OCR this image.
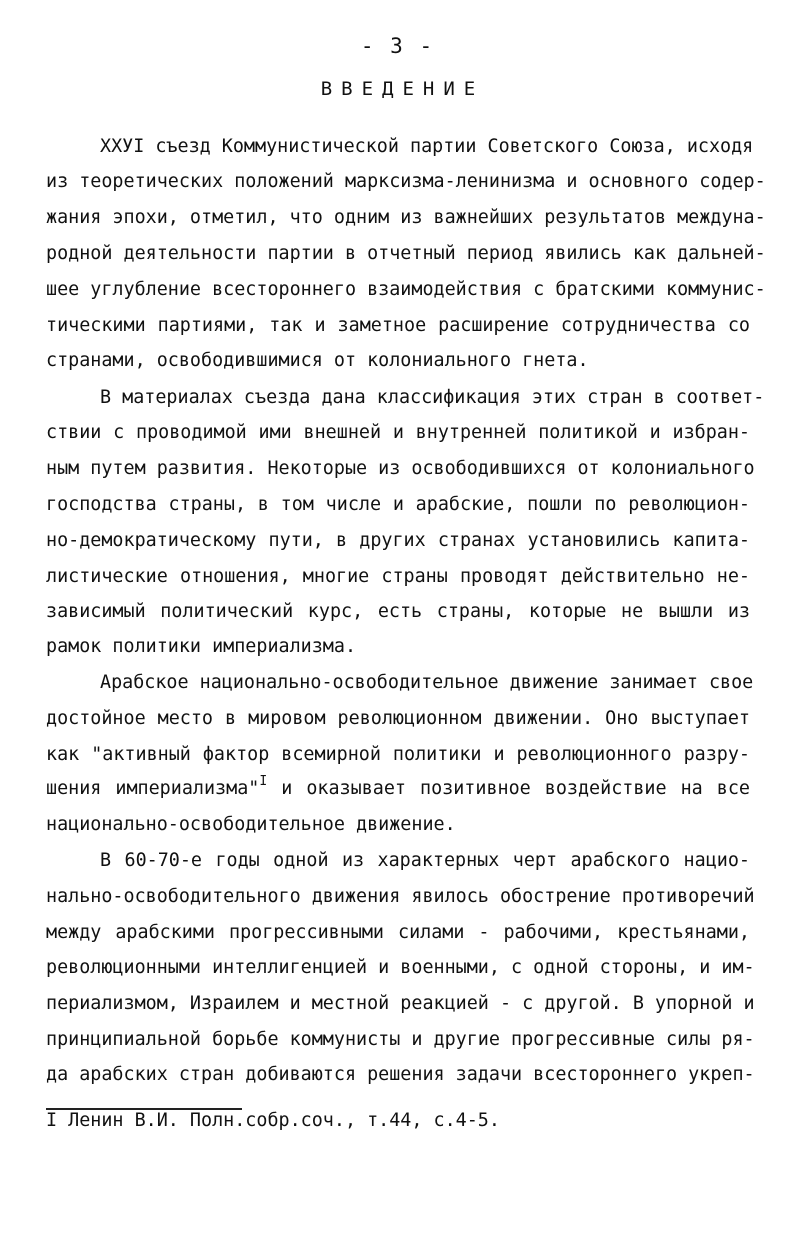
- 3 -
ВВЕДЕНИЕ
ХХУI съезд Коммунистической партии Советского Союза, исходя
из теоретических положений марксизма-ленинизма и основного содер-
жания эпохи, отметил, что одним из важнейших результатов междуна-
родной деятельности партии в отчетный период явились как дальней-
шее углубление всестороннего взаимодействия с братскими коммунис-
тическими партиями, так и заметное расширение сотрудничества со
странами, освободившимися от колониального гнета.
В материалах съезда дана классификация этих стран в соответ-
ствии с проводимой ими внешней и внутренней политикой и избран-
ным путем развития. Некоторые из освободившихся от колониального
господства страны, в том числе и арабские, пошли по революцион-
но-демократическому пути, в других странах установились капита-
листические отношения, многие страны проводят действительно не-
зависимый политический курс, есть страны, которые не вышли из
рамок политики империализма.
Арабское национально-освободительное движение занимает свое
достойное место в мировом революционном движении. Оно выступает
как "активный фактор всемирной политики и революционного разру-
шения империализма"$^I$ и оказывает позитивное воздействие на все
национально-освободительное движение.
В 60-70-е годы одной из характерных черт арабского нацио-
нально-освободительного движения явилось обострение противоречий
между арабскими прогрессивными силами - рабочими, крестьянами,
революционными интеллигенцией и военными, с одной стороны, и им-
периализмом, Израилем и местной реакцией - с другой. В упорной и
принципиальной борьбе коммунисты и другие прогрессивные силы ря-
да арабских стран добиваются решения задачи всестороннего укреп-
I Ленин В.И. Полн.собр.соч., т.44, с.4-5.
